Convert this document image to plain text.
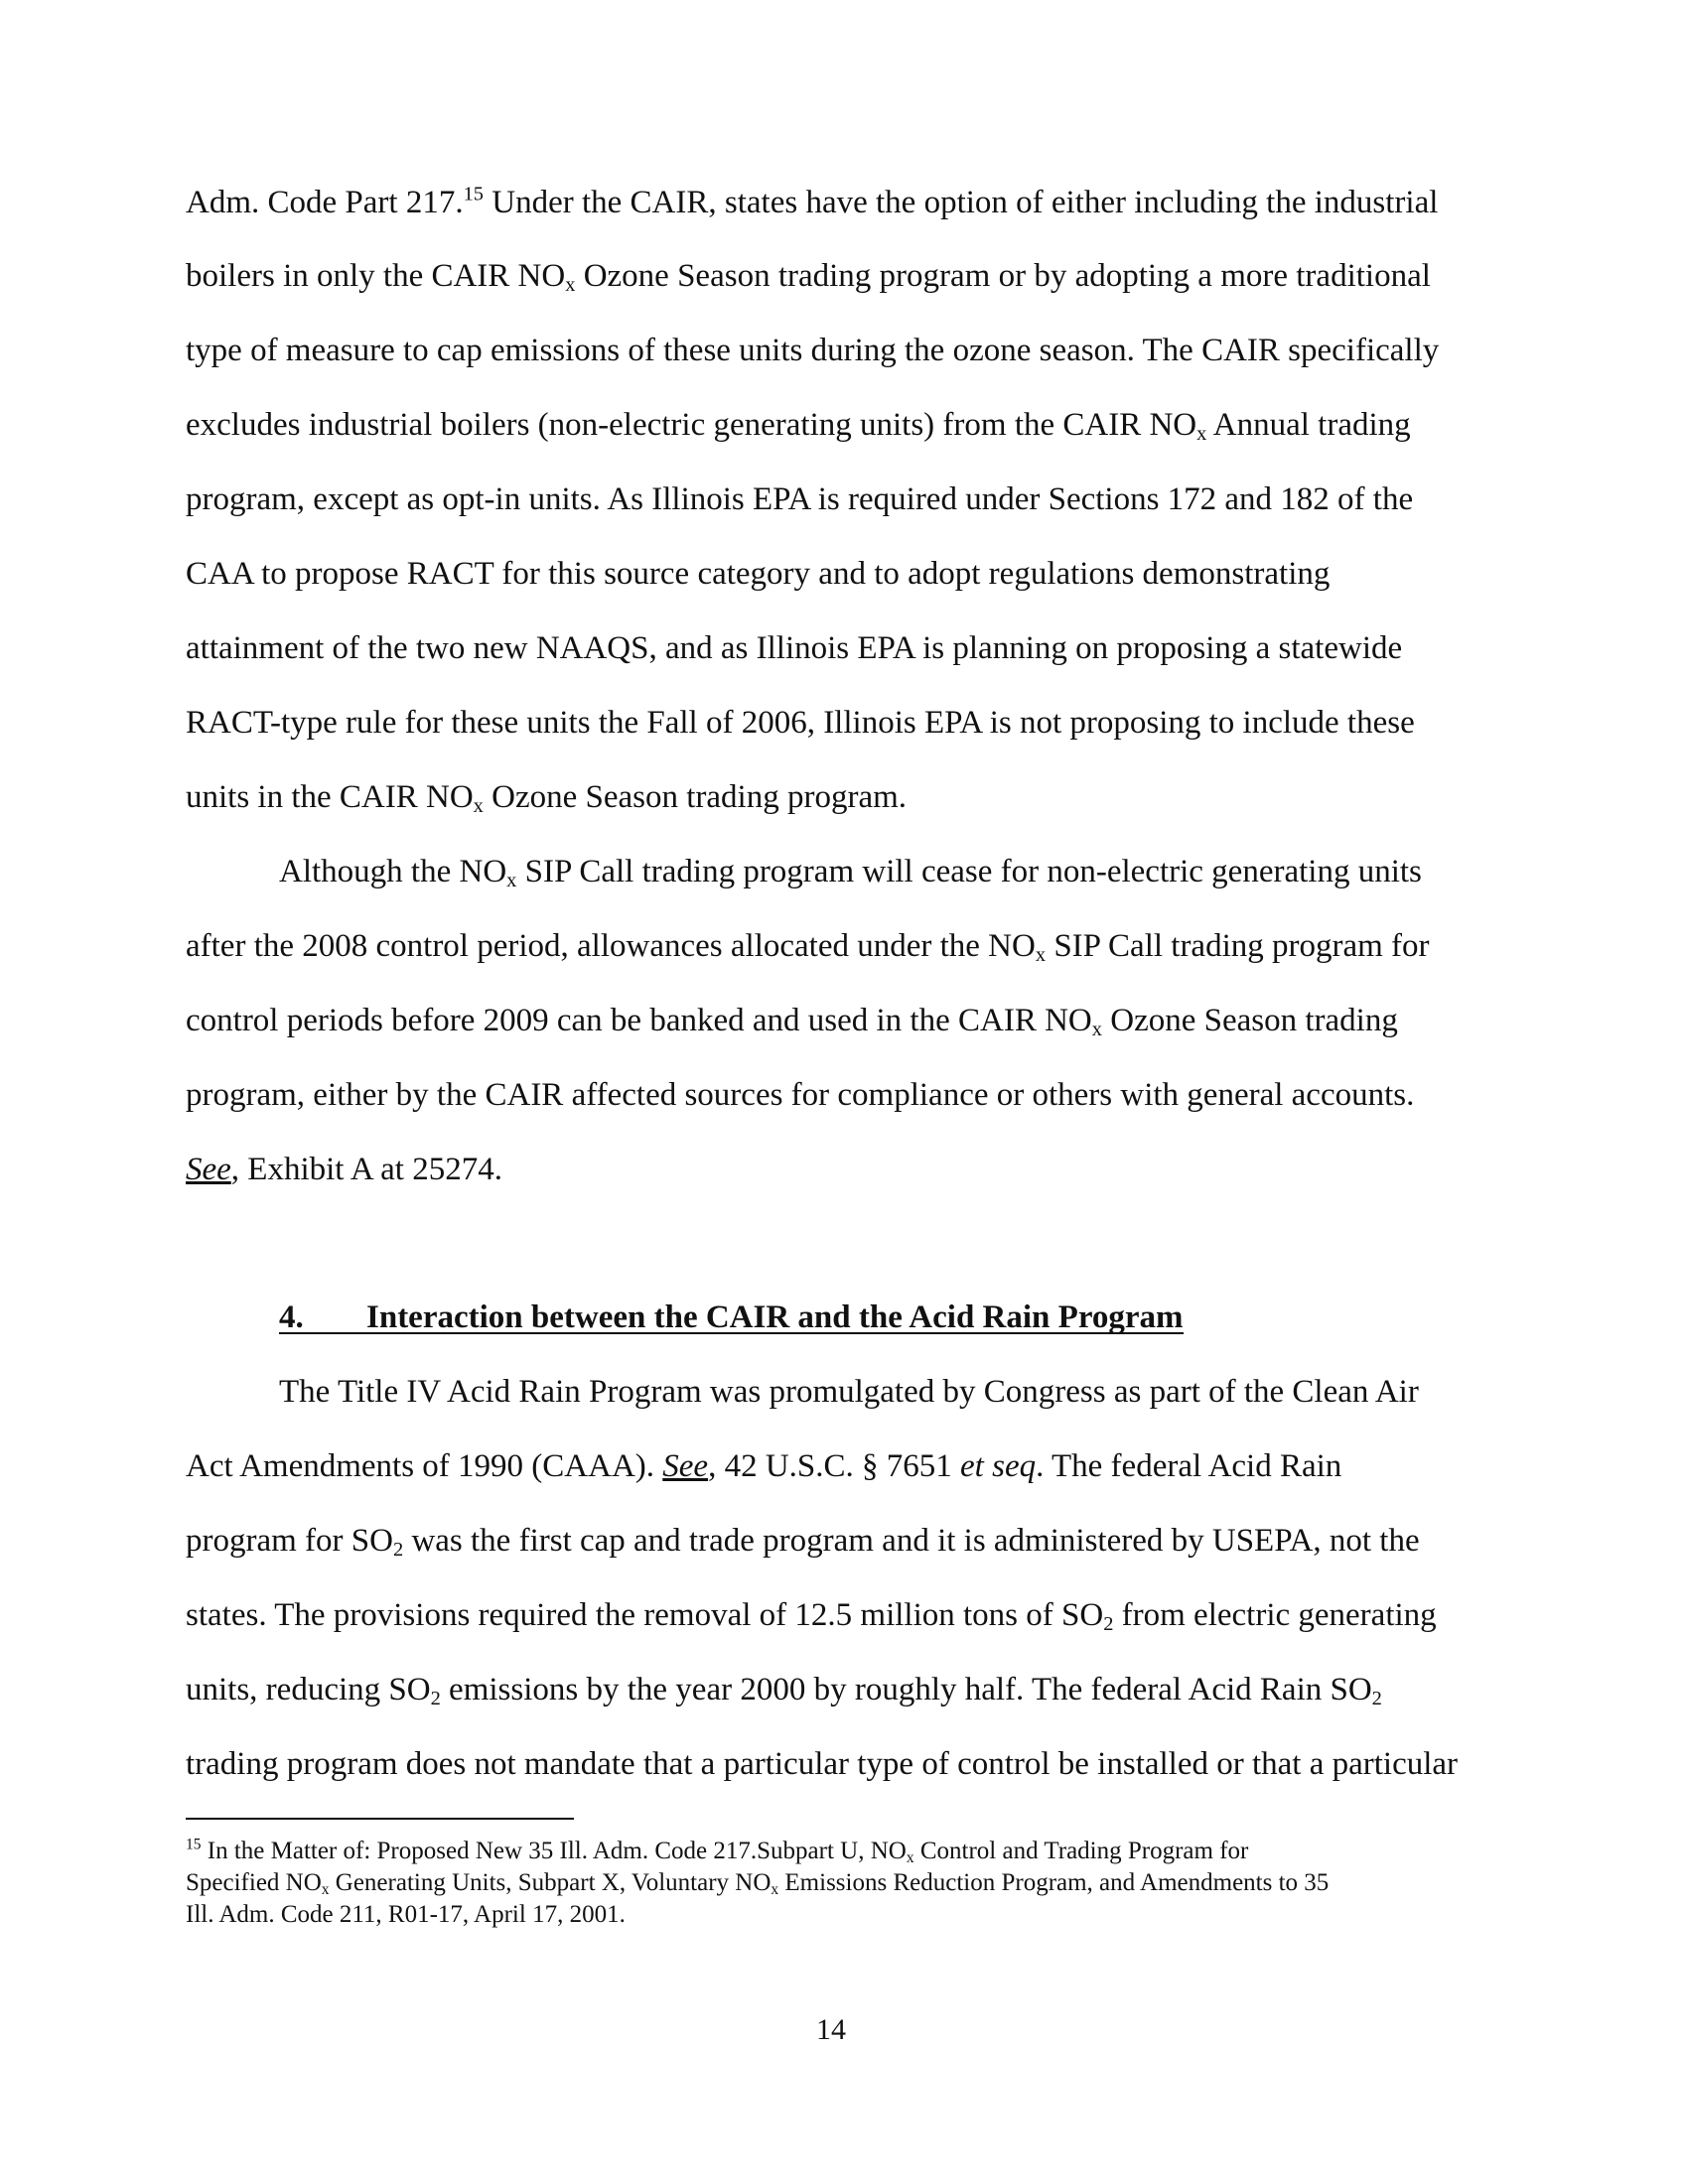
Adm. Code Part 217.15 Under the CAIR, states have the option of either including the industrial
boilers in only the CAIR $NO_x$ Ozone Season trading program or by adopting a more traditional
type of measure to cap emissions of these units during the ozone season. The CAIR specifically
excludes industrial boilers (non-electric generating units) from the CAIR $NO_x$ Annual trading
program, except as opt-in units. As Illinois EPA is required under Sections 172 and 182 of the
CAA to propose RACT for this source category and to adopt regulations demonstrating
attainment of the two new NAAQS, and as Illinois EPA is planning on proposing a statewide
RACT-type rule for these units the Fall of 2006, Illinois EPA is not proposing to include these
units in the CAIR $NO_x$ Ozone Season trading program.
Although the $NO_x$ SIP Call trading program will cease for non-electric generating units
after the 2008 control period, allowances allocated under the $NO_x$ SIP Call trading program for
control periods before 2009 can be banked and used in the CAIR $NO_x$ Ozone Season trading
program, either by the CAIR affected sources for compliance or others with general accounts.
See, Exhibit A at 25274.
4. Interaction between the CAIR and the Acid Rain Program
The Title IV Acid Rain Program was promulgated by Congress as part of the Clean Air
Act Amendments of 1990 (CAAA). See, 42 U.S.C. § 7651 et seq. The federal Acid Rain
program for $SO_2$ was the first cap and trade program and it is administered by USEPA, not the
states. The provisions required the removal of 12.5 million tons of $SO_2$ from electric generating
units, reducing $SO_2$ emissions by the year 2000 by roughly half. The federal Acid Rain $SO_2$
trading program does not mandate that a particular type of control be installed or that a particular
$^{15}$ In the Matter of: Proposed New 35 Ill. Adm. Code 217.Subpart U, $NO_x$ Control and Trading Program for
Specified $NO_x$ Generating Units, Subpart X, Voluntary $NO_x$ Emissions Reduction Program, and Amendments to 35
Ill. Adm. Code 211, R01-17, April 17, 2001.
14
